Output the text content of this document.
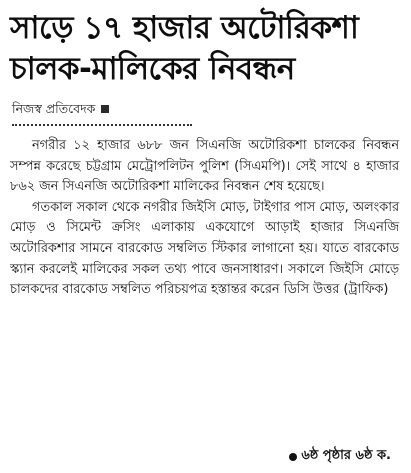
সাড়ে ১৭ হাজার অটোরিকশা
চালক-মালিকের নিবন্ধন
নিজস্ব প্রতিবেদক

নগরীর ১২ হাজার ৬৮৮ জন সিএনজি অটোরিকশা চালকের নিবন্ধন সম্পন্ন করেছে চট্টগ্রাম মেট্রোপলিটন পুলিশ (সিএমপি)। সেই সাথে ৪ হাজার ৮৬২ জন সিএনজি অটোরিকশা মালিকের নিবন্ধন শেষ হয়েছে।

গতকাল সকাল থেকে নগরীর জিইসি মোড়, টাইগার পাস মোড়, অলংকার মোড় ও সিমেন্ট ক্রসিং এলাকায় একযোগে আড়াই হাজার সিএনজি অটোরিকশার সামনে বারকোড সম্বলিত স্টিকার লাগানো হয়। যাতে বারকোড স্ক্যান করলেই মালিকের সকল তথ্য পাবে জনসাধারণ। সকালে জিইসি মোড়ে চালকদের বারকোড সম্বলিত পরিচয়পত্র হস্তান্তর করেন ডিসি উত্তর (ট্রাফিক)

৬ষ্ঠ পৃষ্ঠার ৬ষ্ঠ ক.
